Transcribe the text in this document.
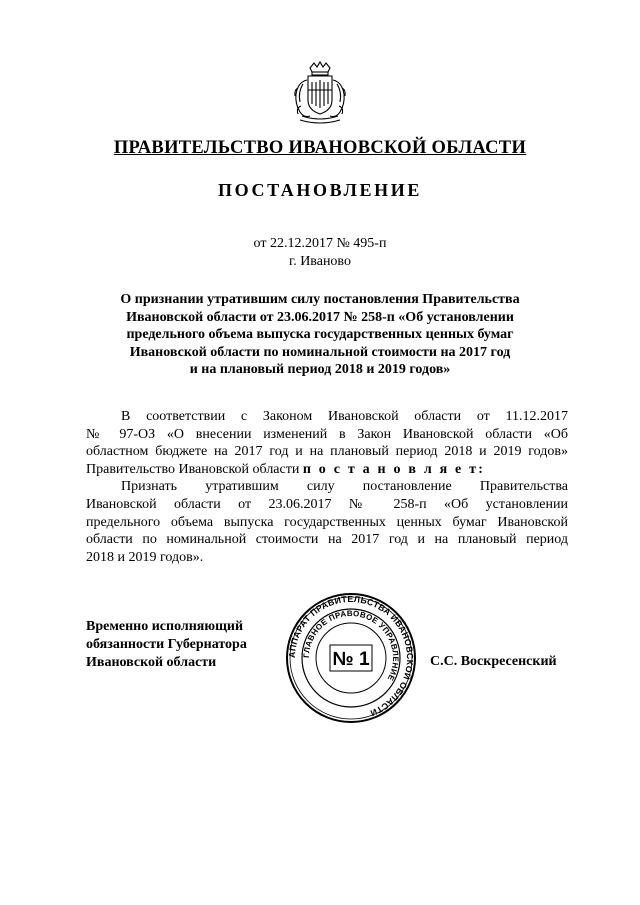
ПРАВИТЕЛЬСТВО ИВАНОВСКОЙ ОБЛАСТИ
ПОСТАНОВЛЕНИЕ
от 22.12.2017 № 495-п
г. Иваново
О признании утратившим силу постановления Правительства
Ивановской области от 23.06.2017 № 258-п «Об установлении
предельного объема выпуска государственных ценных бумаг
Ивановской области по номинальной стоимости на 2017 год
и на плановый период 2018 и 2019 годов»
В соответствии с Законом Ивановской области от 11.12.2017
№ 97-ОЗ «О внесении изменений в Закон Ивановской области «Об
областном бюджете на 2017 год и на плановый период 2018 и 2019 годов»
Правительство Ивановской области п о с т а н о в л я е т:
Признать утратившим силу постановление Правительства
Ивановской области от 23.06.2017 № 258-п «Об установлении
предельного объема выпуска государственных ценных бумаг Ивановской
области по номинальной стоимости на 2017 год и на плановый период
2018 и 2019 годов».
Временно исполняющий
обязанности Губернатора
Ивановской области	АППАРАТ ПРАВИТЕЛЬСТВА ИВАНОВСКОЙ ОБЛАСТИ
ГЛАВНОЕ ПРАВОВОЕ УПРАВЛЕНИЕ
№ 1	С.С. Воскресенский
